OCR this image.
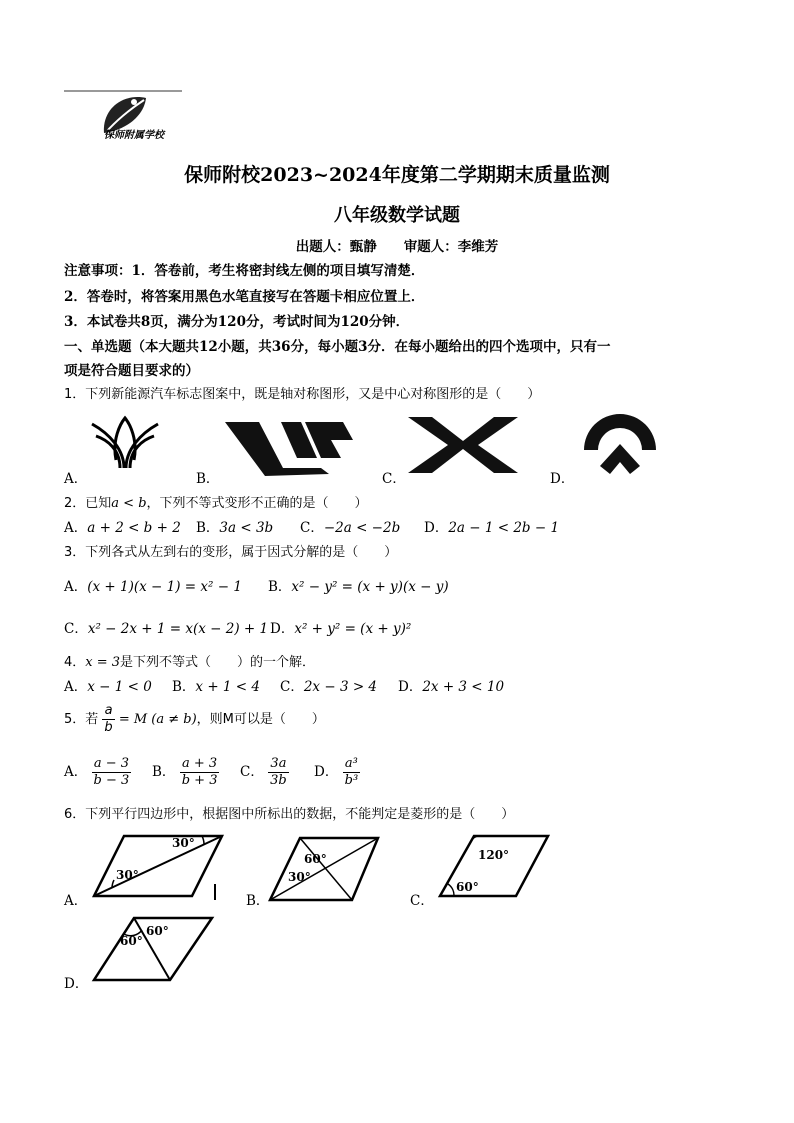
保师附属学校
保师附校2023~2024年度第二学期期末质量监测
八年级数学试题
出题人：甄静　　审题人：李维芳
注意事项：1．答卷前，考生将密封线左侧的项目填写清楚．
2．答卷时，将答案用黑色水笔直接写在答题卡相应位置上．
3．本试卷共8页，满分为120分，考试时间为120分钟．
一、单选题（本大题共12小题，共36分，每小题3分．在每小题给出的四个选项中，只有一
项是符合题目要求的）
1．下列新能源汽车标志图案中，既是轴对称图形，又是中心对称图形的是（　　）
A．	B．	C．	D．
2．已知a < b，下列不等式变形不正确的是（　　）
A．a + 2 < b + 2 B．3a < 3b C．−2a < −2b D．2a − 1 < 2b − 1
3．下列各式从左到右的变形，属于因式分解的是（　　）
A．(x + 1)(x − 1) = x² − 1 B．x² − y² = (x + y)(x − y)
C．x² − 2x + 1 = x(x − 2) + 1 D．x² + y² = (x + y)²
4．x = 3是下列不等式（　　）的一个解．
A．x − 1 < 0 B．x + 1 < 4 C．2x − 3 > 4 D．2x + 3 < 10
5．若 $\frac{a}{b} = M$ (a ≠ b)，则M可以是（　　）
A． $\frac{a - 3}{b - 3}$ B． $\frac{a + 3}{b + 3}$ C． $\frac{3a}{3b}$ D． $\frac{\text{a³}}{\text{b³}}$
6．下列平行四边形中，根据图中所标出的数据，不能判定是菱形的是（　　）
30°
30°
60°
30°
120°
60°
60°
60°
A．	B．	C．
D．
